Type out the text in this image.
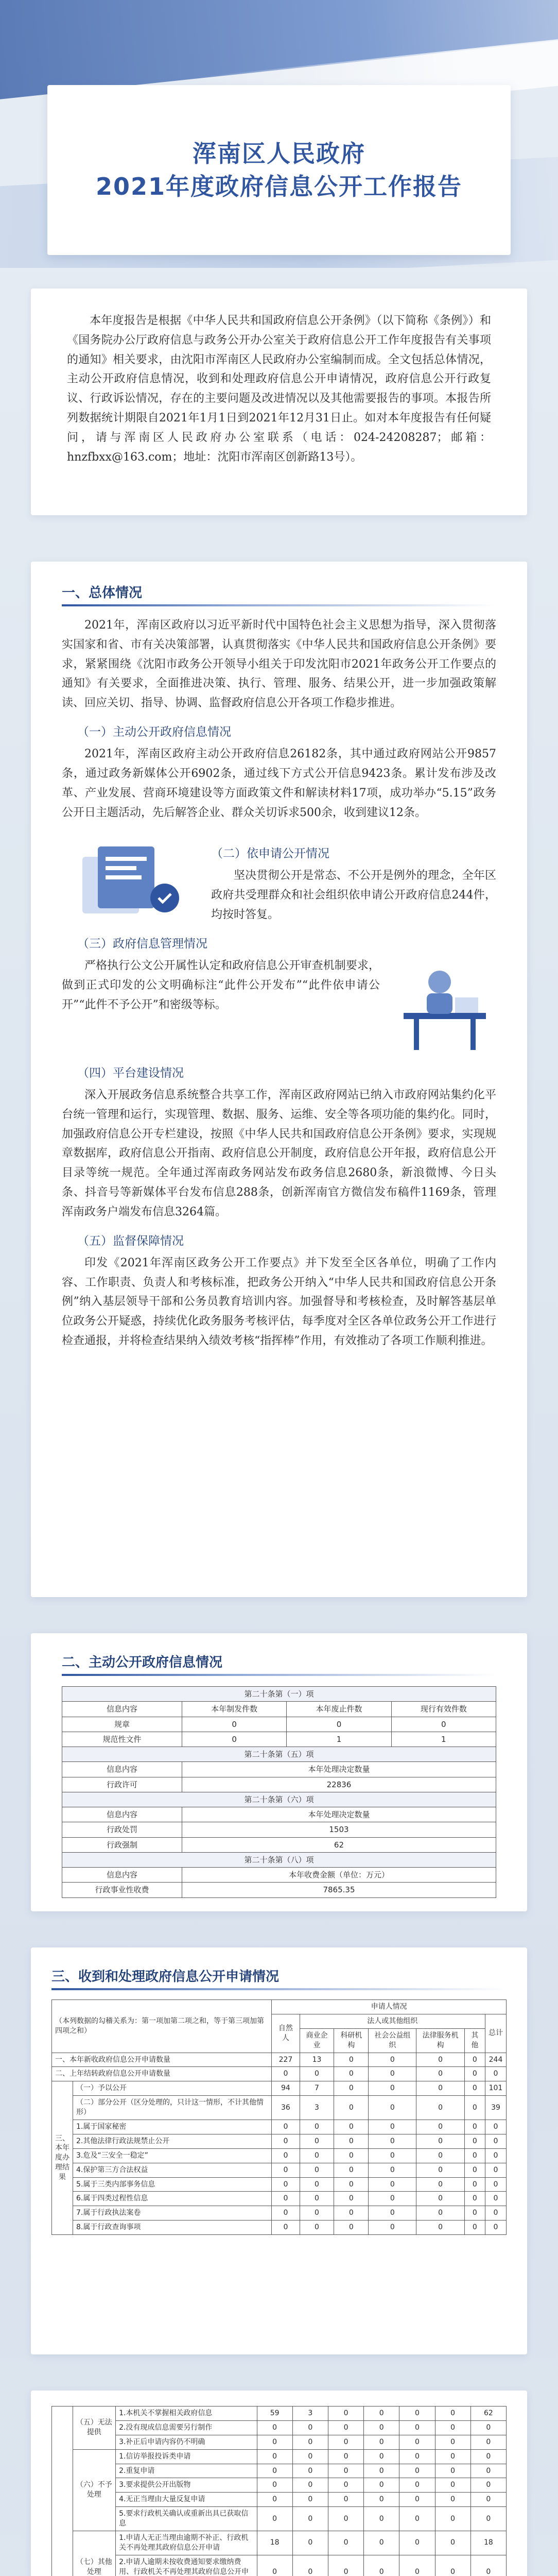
浑南区人民政府
2021年度政府信息公开工作报告

本年度报告是根据《中华人民共和国政府信息公开条例》（以下简称《条例》）和《国务院办公厅政府信息与政务公开办公室关于政府信息公开工作年度报告有关事项的通知》相关要求，由沈阳市浑南区人民政府办公室编制而成。全文包括总体情况，主动公开政府信息情况，收到和处理政府信息公开申请情况，政府信息公开行政复议、行政诉讼情况，存在的主要问题及改进情况以及其他需要报告的事项。本报告所列数据统计期限自2021年1月1日到2021年12月31日止。如对本年度报告有任何疑问，请与浑南区人民政府办公室联系（电话：024-24208287；邮箱：hnzfbxx@163.com；地址：沈阳市浑南区创新路13号）。

一、总体情况

2021年，浑南区政府以习近平新时代中国特色社会主义思想为指导，深入贯彻落实国家和省、市有关决策部署，认真贯彻落实《中华人民共和国政府信息公开条例》要求，紧紧围绕《沈阳市政务公开领导小组关于印发沈阳市2021年政务公开工作要点的通知》有关要求，全面推进决策、执行、管理、服务、结果公开，进一步加强政策解读、回应关切、指导、协调、监督政府信息公开各项工作稳步推进。

（一）主动公开政府信息情况

2021年，浑南区政府主动公开政府信息26182条，其中通过政府网站公开9857条，通过政务新媒体公开6902条，通过线下方式公开信息9423条。累计发布涉及改革、产业发展、营商环境建设等方面政策文件和解读材料17项，成功举办“5.15”政务公开日主题活动，先后解答企业、群众关切诉求500余，收到建议12条。

（二）依申请公开情况

坚决贯彻公开是常态、不公开是例外的理念，全年区政府共受理群众和社会组织依申请公开政府信息244件，均按时答复。

（三）政府信息管理情况

严格执行公文公开属性认定和政府信息公开审查机制要求，做到正式印发的公文明确标注“此件公开发布”“此件依申请公开”“此件不予公开”和密级等标。

（四）平台建设情况

深入开展政务信息系统整合共享工作，浑南区政府网站已纳入市政府网站集约化平台统一管理和运行，实现管理、数据、服务、运维、安全等各项功能的集约化。同时，加强政府信息公开专栏建设，按照《中华人民共和国政府信息公开条例》要求，实现规章数据库，政府信息公开指南、政府信息公开制度，政府信息公开年报，政府信息公开目录等统一规范。全年通过浑南政务网站发布政务信息2680条，新浪微博、今日头条、抖音号等新媒体平台发布信息288条，创新浑南官方微信发布稿件1169条，管理浑南政务户端发布信息3264篇。

（五）监督保障情况

印发《2021年浑南区政务公开工作要点》并下发至全区各单位，明确了工作内容、工作职责、负责人和考核标准，把政务公开纳入“中华人民共和国政府信息公开条例”纳入基层领导干部和公务员教育培训内容。加强督导和考核检查，及时解答基层单位政务公开疑惑，持续优化政务服务考核评估，每季度对全区各单位政务公开工作进行检查通报，并将检查结果纳入绩效考核“指挥棒”作用，有效推动了各项工作顺利推进。

二、主动公开政府信息情况
第二十条第（一）项			
信息内容	本年制发件数	本年废止件数	现行有效件数
规章	0	0	0
规范性文件	0	1	1
第二十条第（五）项			
信息内容	本年处理决定数量		
行政许可	22836		
第二十条第（六）项			
信息内容	本年处理决定数量		
行政处罚	1503		
行政强制	62		
第二十条第（八）项			
信息内容	本年收费金额（单位：万元）		
行政事业性收费	7865.35		
三、收到和处理政府信息公开申请情况
（本列数据的勾稽关系为：第一项加第二项之和，等于第三项加第四项之和）		申请人情况						
		自然人	法人或其他组织					总计
			商业企业	科研机构	社会公益组织	法律服务机构	其他	
一、本年新收政府信息公开申请数量		227	13	0	0	0	0	244
二、上年结转政府信息公开申请数量		0	0	0	0	0	0	0
三、本年度办理结果	（一）予以公开	94	7	0	0	0	0	101
	（二）部分公开（区分处理的，只计这一情形，不计其他情形）	36	3	0	0	0	0	39
	1.属于国家秘密	0	0	0	0	0	0	0
	2.其他法律行政法规禁止公开	0	0	0	0	0	0	0
	3.危及“三安全一稳定”	0	0	0	0	0	0	0
	4.保护第三方合法权益	0	0	0	0	0	0	0
	5.属于三类内部事务信息	0	0	0	0	0	0	0
	6.属于四类过程性信息	0	0	0	0	0	0	0
	7.属于行政执法案卷	0	0	0	0	0	0	0
	8.属于行政查询事项	0	0	0	0	0	0	0
	（五）无法提供	1.本机关不掌握相关政府信息	59	3	0	0	0	0	62
		2.没有现成信息需要另行制作	0	0	0	0	0	0	0
		3.补正后申请内容仍不明确	0	0	0	0	0	0	0
	（六）不予处理	1.信访举报投诉类申请	0	0	0	0	0	0	0
		2.重复申请	0	0	0	0	0	0	0
		3.要求提供公开出版物	0	0	0	0	0	0	0
		4.无正当理由大量反复申请	0	0	0	0	0	0	0
		5.要求行政机关确认或重新出具已获取信息	0	0	0	0	0	0	0
	（七）其他处理	1.申请人无正当理由逾期不补正、行政机关不再处理其政府信息公开申请	18	0	0	0	0	0	18
		2.申请人逾期未按收费通知要求缴纳费用、行政机关不再处理其政府信息公开申	0	0	0	0	0	0	0
